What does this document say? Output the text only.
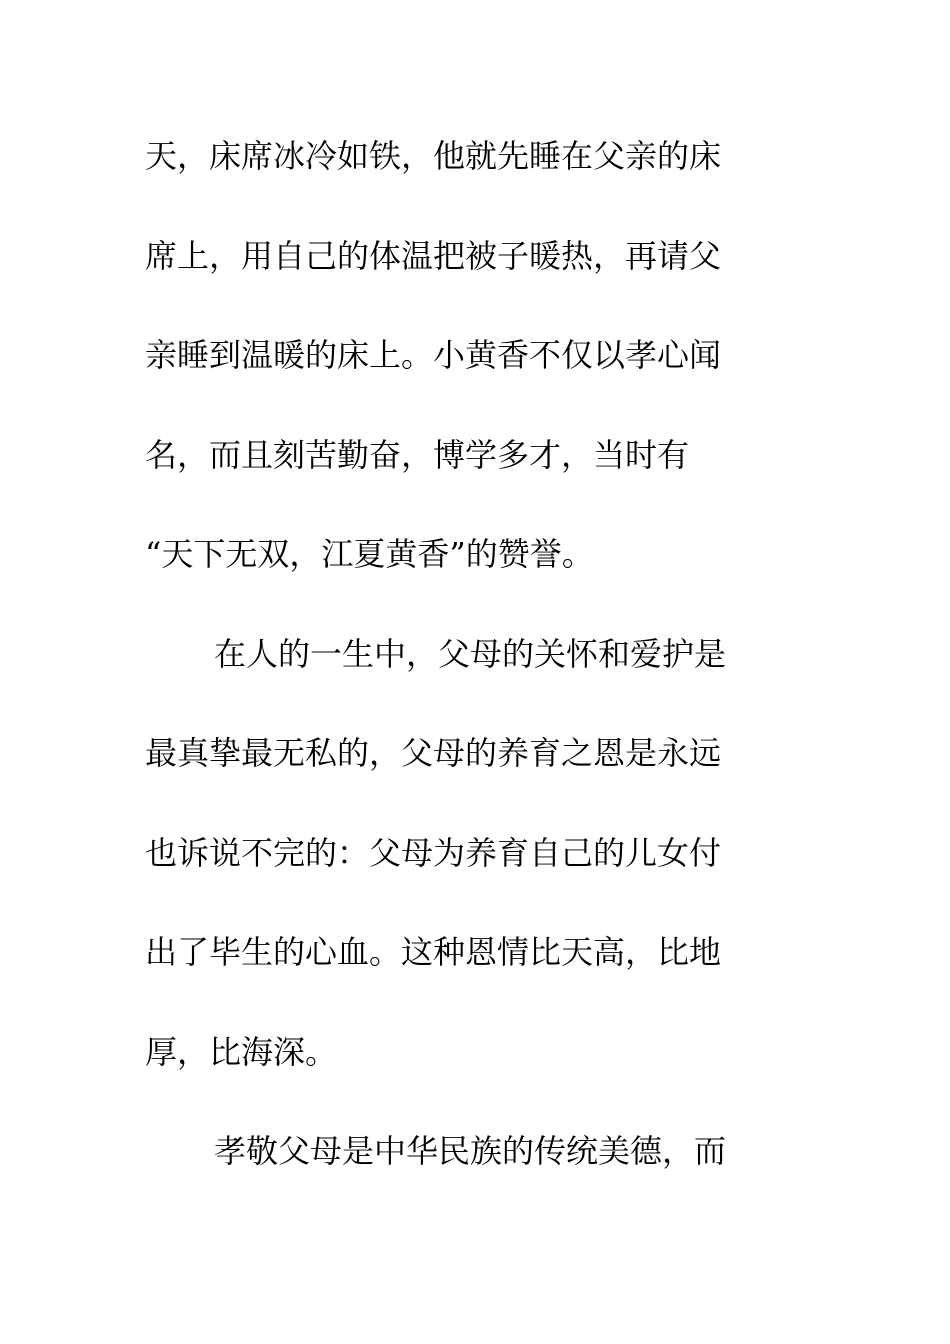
天，床席冰冷如铁，他就先睡在父亲的床
席上，用自己的体温把被子暖热，再请父
亲睡到温暖的床上。小黄香不仅以孝心闻
名，而且刻苦勤奋，博学多才，当时有
“天下无双，江夏黄香”的赞誉。
在人的一生中，父母的关怀和爱护是
最真挚最无私的，父母的养育之恩是永远
也诉说不完的：父母为养育自己的儿女付
出了毕生的心血。这种恩情比天高，比地
厚，比海深。
孝敬父母是中华民族的传统美德，而
